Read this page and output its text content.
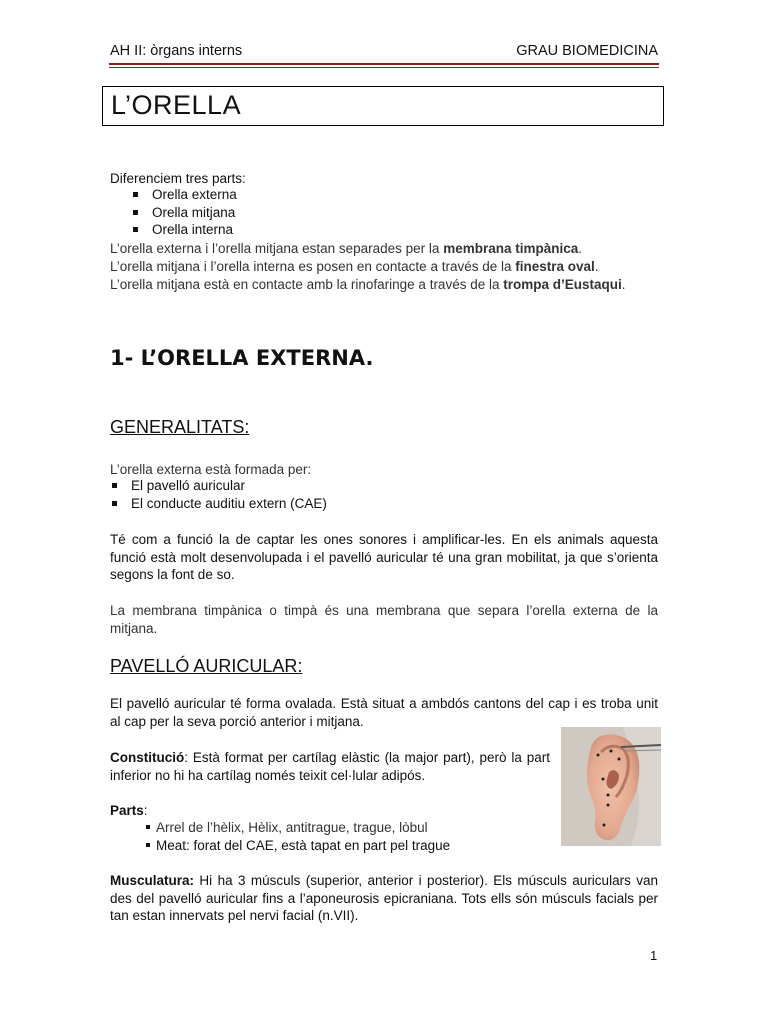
AH II: òrgans interns	GRAU BIOMEDICINA
L’ORELLA
Diferenciem tres parts:
Orella externa
Orella mitjana
Orella interna
L’orella externa i l’orella mitjana estan separades per la membrana timpànica.
L’orella mitjana i l’orella interna es posen en contacte a través de la finestra oval.
L’orella mitjana està en contacte amb la rinofaringe a través de la trompa d’Eustaqui.
1- L’ORELLA EXTERNA.
GENERALITATS:
L’orella externa està formada per:
El pavelló auricular
El conducte auditiu extern (CAE)
Té com a funció la de captar les ones sonores i amplificar-les. En els animals aquesta funció està molt desenvolupada i el pavelló auricular té una gran mobilitat, ja que s’orienta segons la font de so.
La membrana timpànica o timpà és una membrana que separa l’orella externa de la mitjana.
PAVELLÓ AURICULAR:
El pavelló auricular té forma ovalada. Està situat a ambdós cantons del cap i es troba unit al cap per la seva porció anterior i mitjana.
Constitució: Està format per cartílag elàstic (la major part), però la part inferior no hi ha cartílag només teixit cel·lular adipós.
Parts:
Arrel de l’hèlix, Hèlix, antitrague, trague, lòbul
Meat: forat del CAE, està tapat en part pel trague
Musculatura: Hi ha 3 músculs (superior, anterior i posterior). Els músculs auriculars van des del pavelló auricular fins a l’aponeurosis epicraniana. Tots ells són músculs facials per tan estan innervats pel nervi facial (n.VII).
1
